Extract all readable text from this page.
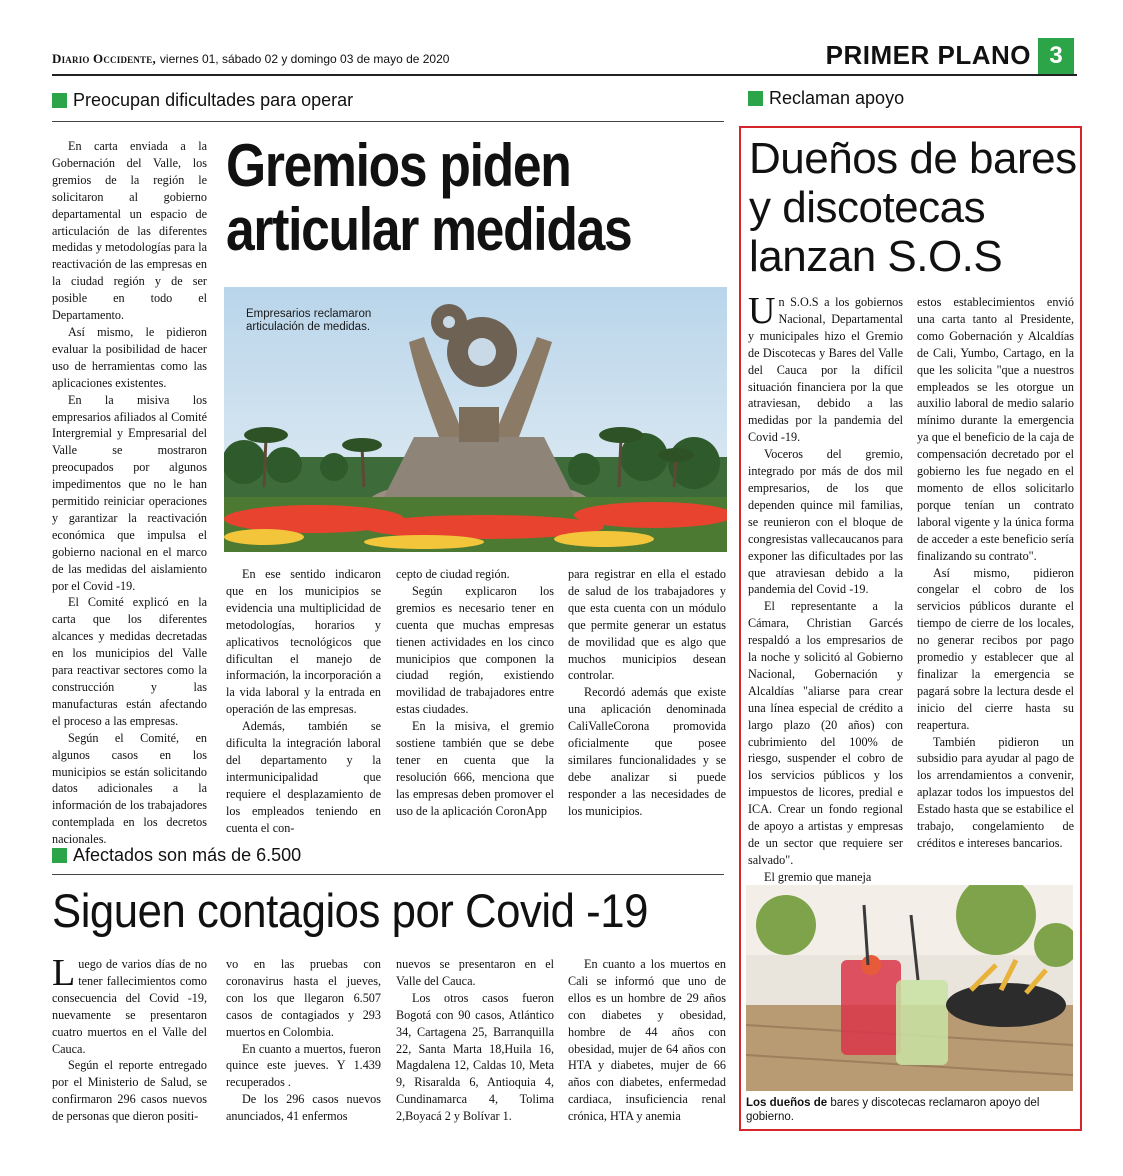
Diario Occidente, viernes 01, sábado 02 y domingo 03 de mayo de 2020	PRIMER PLANO 3
Preocupan dificultades para operar
Gremios piden
articular medidas
Empresarios reclamaron articulación de medidas.

En carta enviada a la Gobernación del Valle, los gremios de la región le solicitaron al gobierno departamental un espacio de articulación de las diferentes medidas y metodologías para la reactivación de las empresas en la ciudad región y de ser posible en todo el Departamento.

Así mismo, le pidieron evaluar la posibilidad de hacer uso de herramientas como las aplicaciones existentes.

En la misiva los empresarios afiliados al Comité Intergremial y Empresarial del Valle se mostraron preocupados por algunos impedimentos que no le han permitido reiniciar operaciones y garantizar la reactivación económica que impulsa el gobierno nacional en el marco de las medidas del aislamiento por el Covid -19.

El Comité explicó en la carta que los diferentes alcances y medidas decretadas en los municipios del Valle para reactivar sectores como la construcción y las manufacturas están afectando el proceso a las empresas.

Según el Comité, en algunos casos en los municipios se están solicitando datos adicionales a la información de los trabajadores contemplada en los decretos nacionales.

En ese sentido indicaron que en los municipios se evidencia una multiplicidad de metodologías, horarios y aplicativos tecnológicos que dificultan el manejo de información, la incorporación a la vida laboral y la entrada en operación de las empresas.

Además, también se dificulta la integración laboral del departamento y la intermunicipalidad que requiere el desplazamiento de los empleados teniendo en cuenta el con-

cepto de ciudad región.

Según explicaron los gremios es necesario tener en cuenta que muchas empresas tienen actividades en los cinco municipios que componen la ciudad región, existiendo movilidad de trabajadores entre estas ciudades.

En la misiva, el gremio sostiene también que se debe tener en cuenta que la resolución 666, menciona que las empresas deben promover el uso de la aplicación CoronApp

para registrar en ella el estado de salud de los trabajadores y que esta cuenta con un módulo que permite generar un estatus de movilidad que es algo que muchos municipios desean controlar.

Recordó además que existe una aplicación denominada CaliValleCorona promovida oficialmente que posee similares funcionalidades y se debe analizar si puede responder a las necesidades de los municipios.

Reclaman apoyo
Dueños de bares
y discotecas
lanzan S.O.S

Un S.O.S a los gobiernos Nacional, Departamental y municipales hizo el Gremio de Discotecas y Bares del Valle del Cauca por la difícil situación financiera por la que atraviesan, debido a las medidas por la pandemia del Covid -19.

Voceros del gremio, integrado por más de dos mil empresarios, de los que dependen quince mil familias, se reunieron con el bloque de congresistas vallecaucanos para exponer las dificultades por las que atraviesan debido a la pandemia del Covid -19.

El representante a la Cámara, Christian Garcés respaldó a los empresarios de la noche y solicitó al Gobierno Nacional, Gobernación y Alcaldías "aliarse para crear una línea especial de crédito a largo plazo (20 años) con cubrimiento del 100% de riesgo, suspender el cobro de los servicios públicos y los impuestos de licores, predial e ICA. Crear un fondo regional de apoyo a artistas y empresas de un sector que requiere ser salvado".

El gremio que maneja

estos establecimientos envió una carta tanto al Presidente, como Gobernación y Alcaldías de Cali, Yumbo, Cartago, en la que les solicita "que a nuestros empleados se les otorgue un auxilio laboral de medio salario mínimo durante la emergencia ya que el beneficio de la caja de compensación decretado por el gobierno les fue negado en el momento de ellos solicitarlo porque tenían un contrato laboral vigente y la única forma de acceder a este beneficio sería finalizando su contrato".

Así mismo, pidieron congelar el cobro de los servicios públicos durante el tiempo de cierre de los locales, no generar recibos por pago promedio y establecer que al finalizar la emergencia se pagará sobre la lectura desde el inicio del cierre hasta su reapertura.

También pidieron un subsidio para ayudar al pago de los arrendamientos a convenir, aplazar todos los impuestos del Estado hasta que se estabilice el trabajo, congelamiento de créditos e intereses bancarios.

Los dueños de bares y discotecas reclamaron apoyo del gobierno.
Afectados son más de 6.500
Siguen contagios por Covid -19

Luego de varios días de no tener fallecimientos como consecuencia del Covid -19, nuevamente se presentaron cuatro muertos en el Valle del Cauca.

Según el reporte entregado por el Ministerio de Salud, se confirmaron 296 casos nuevos de personas que dieron positi-

vo en las pruebas con coronavirus hasta el jueves, con los que llegaron 6.507 casos de contagiados y 293 muertos en Colombia.

En cuanto a muertos, fueron quince este jueves. Y 1.439 recuperados .

De los 296 casos nuevos anunciados, 41 enfermos

nuevos se presentaron en el Valle del Cauca.

Los otros casos fueron Bogotá con 90 casos, Atlántico 34, Cartagena 25, Barranquilla 22, Santa Marta 18,Huila 16, Magdalena 12, Caldas 10, Meta 9, Risaralda 6, Antioquia 4, Cundinamarca 4, Tolima 2,Boyacá 2 y Bolívar 1.

En cuanto a los muertos en Cali se informó que uno de ellos es un hombre de 29 años con diabetes y obesidad, hombre de 44 años con obesidad, mujer de 64 años con HTA y diabetes, mujer de 66 años con diabetes, enfermedad cardiaca, insuficiencia renal crónica, HTA y anemia
